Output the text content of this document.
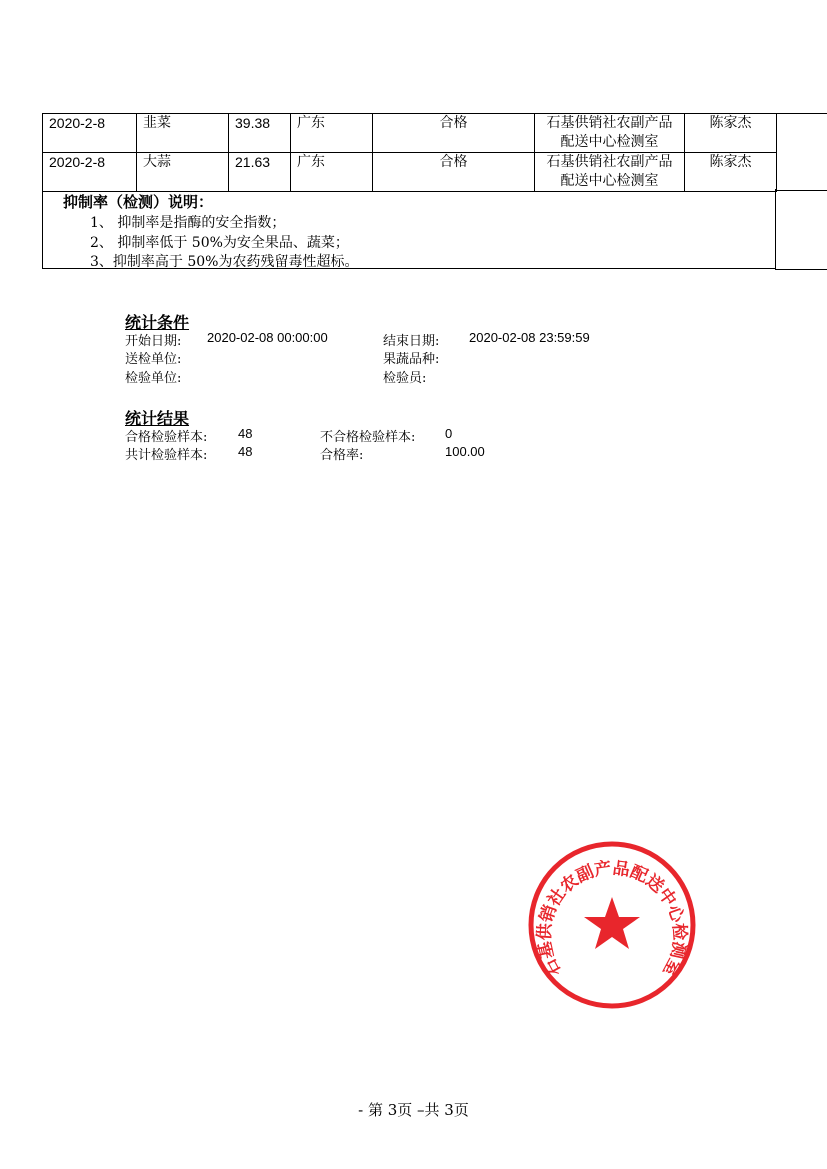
2020-2-8	韭菜	39.38	广东	合格	石基供销社农副产品
配送中心检测室	陈家杰
2020-2-8	大蒜	21.63	广东	合格	石基供销社农副产品
配送中心检测室	陈家杰
抑制率（检测）说明：
1、 抑制率是指酶的安全指数；
2、 抑制率低于 50%为安全果品、蔬菜；
3、抑制率高于 50%为农药残留毒性超标。
统计条件
开始日期: 2020-02-08 00:00:00	结束日期: 2020-02-08 23:59:59
送检单位:	果蔬品种:
检验单位:	检验员:
统计结果
合格检验样本: 48	不合格检验样本: 0
共计检验样本: 48	合格率:	100.00
石基供销社农副产品配送中心检测室
- 第 3页 –共 3页
